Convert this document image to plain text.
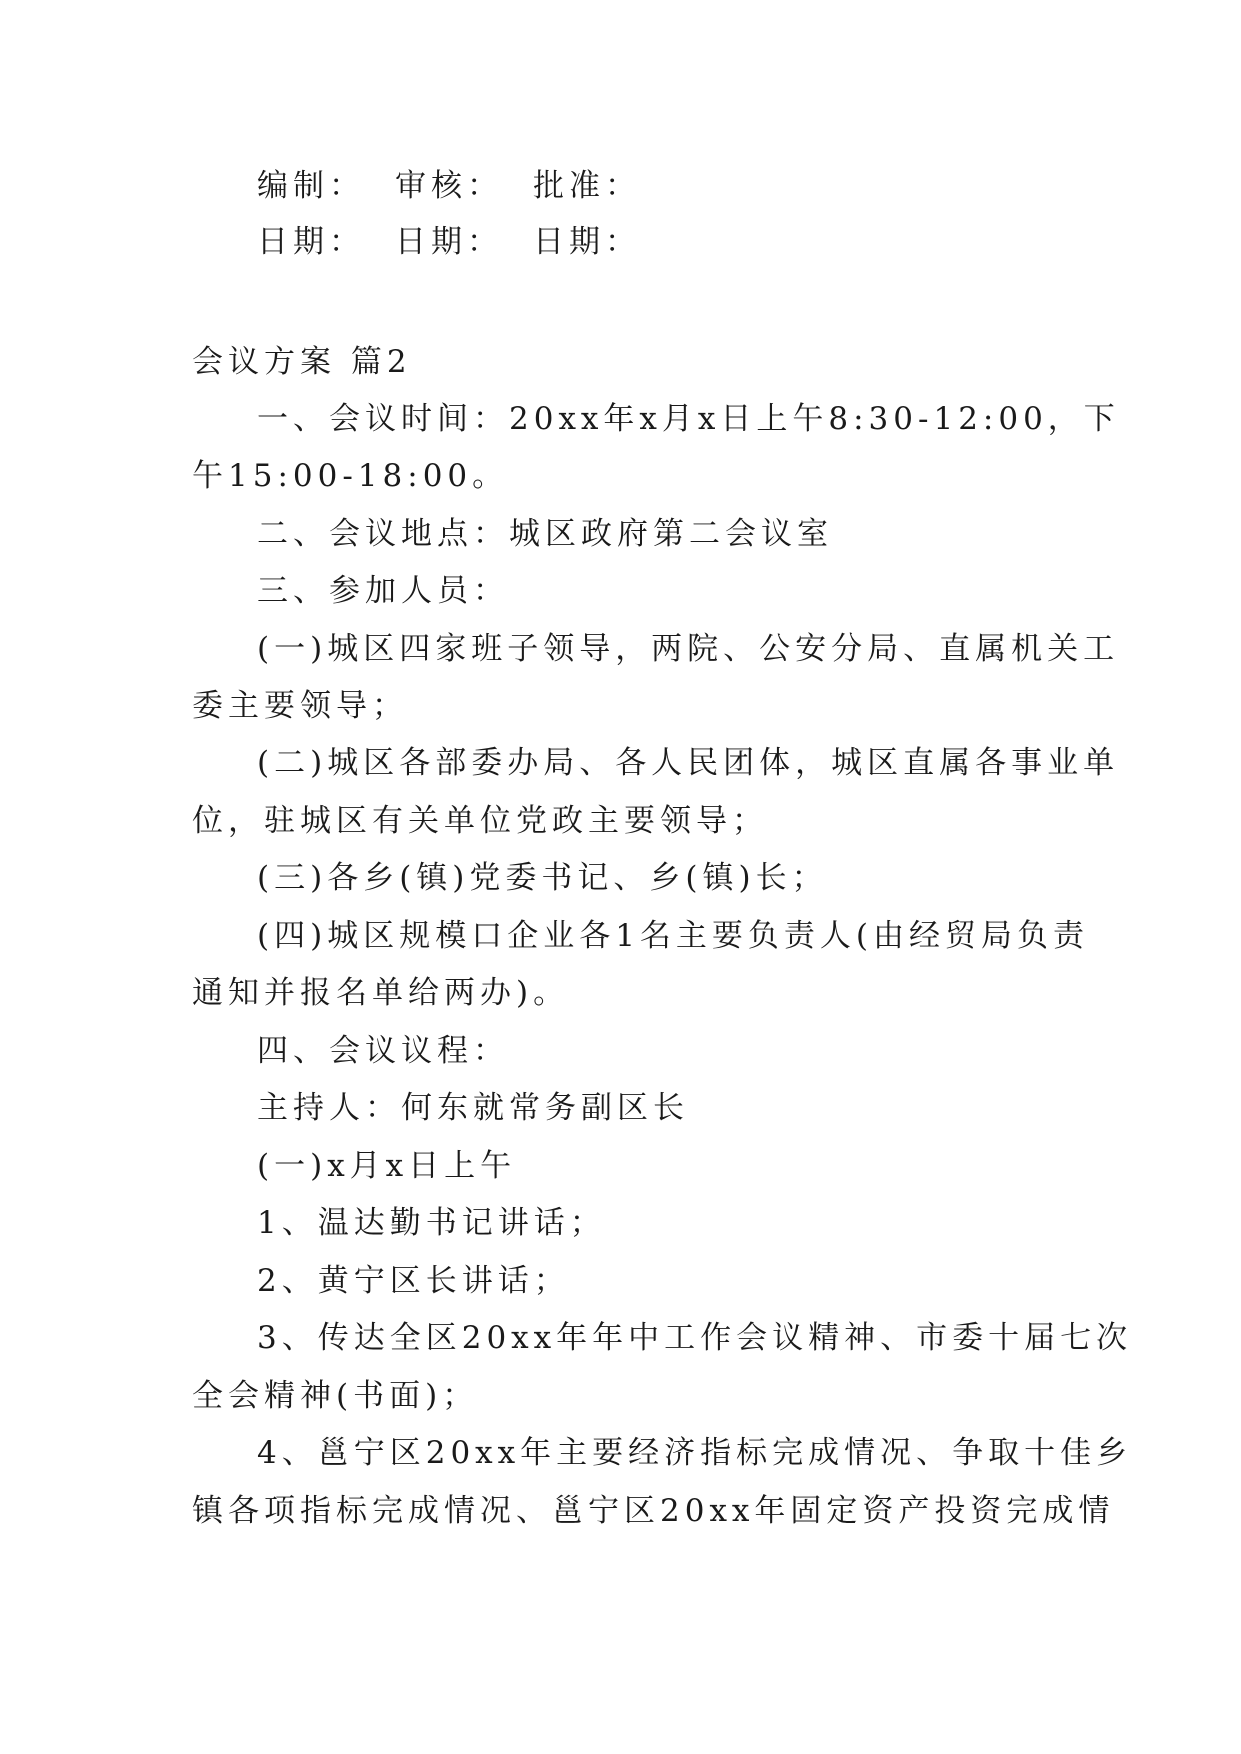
编制： 审核： 批准：
日期： 日期： 日期：
会议方案 篇2
一、会议时间：20xx年x月x日上午8:30-12:00，下
午15:00-18:00。
二、会议地点：城区政府第二会议室
三、参加人员：
(一)城区四家班子领导，两院、公安分局、直属机关工
委主要领导；
(二)城区各部委办局、各人民团体，城区直属各事业单
位，驻城区有关单位党政主要领导；
(三)各乡(镇)党委书记、乡(镇)长；
(四)城区规模口企业各1名主要负责人(由经贸局负责
通知并报名单给两办)。
四、会议议程：
主持人：何东就常务副区长
(一)x月x日上午
1、温达勤书记讲话；
2、黄宁区长讲话；
3、传达全区20xx年年中工作会议精神、市委十届七次
全会精神(书面)；
4、邕宁区20xx年主要经济指标完成情况、争取十佳乡
镇各项指标完成情况、邕宁区20xx年固定资产投资完成情
